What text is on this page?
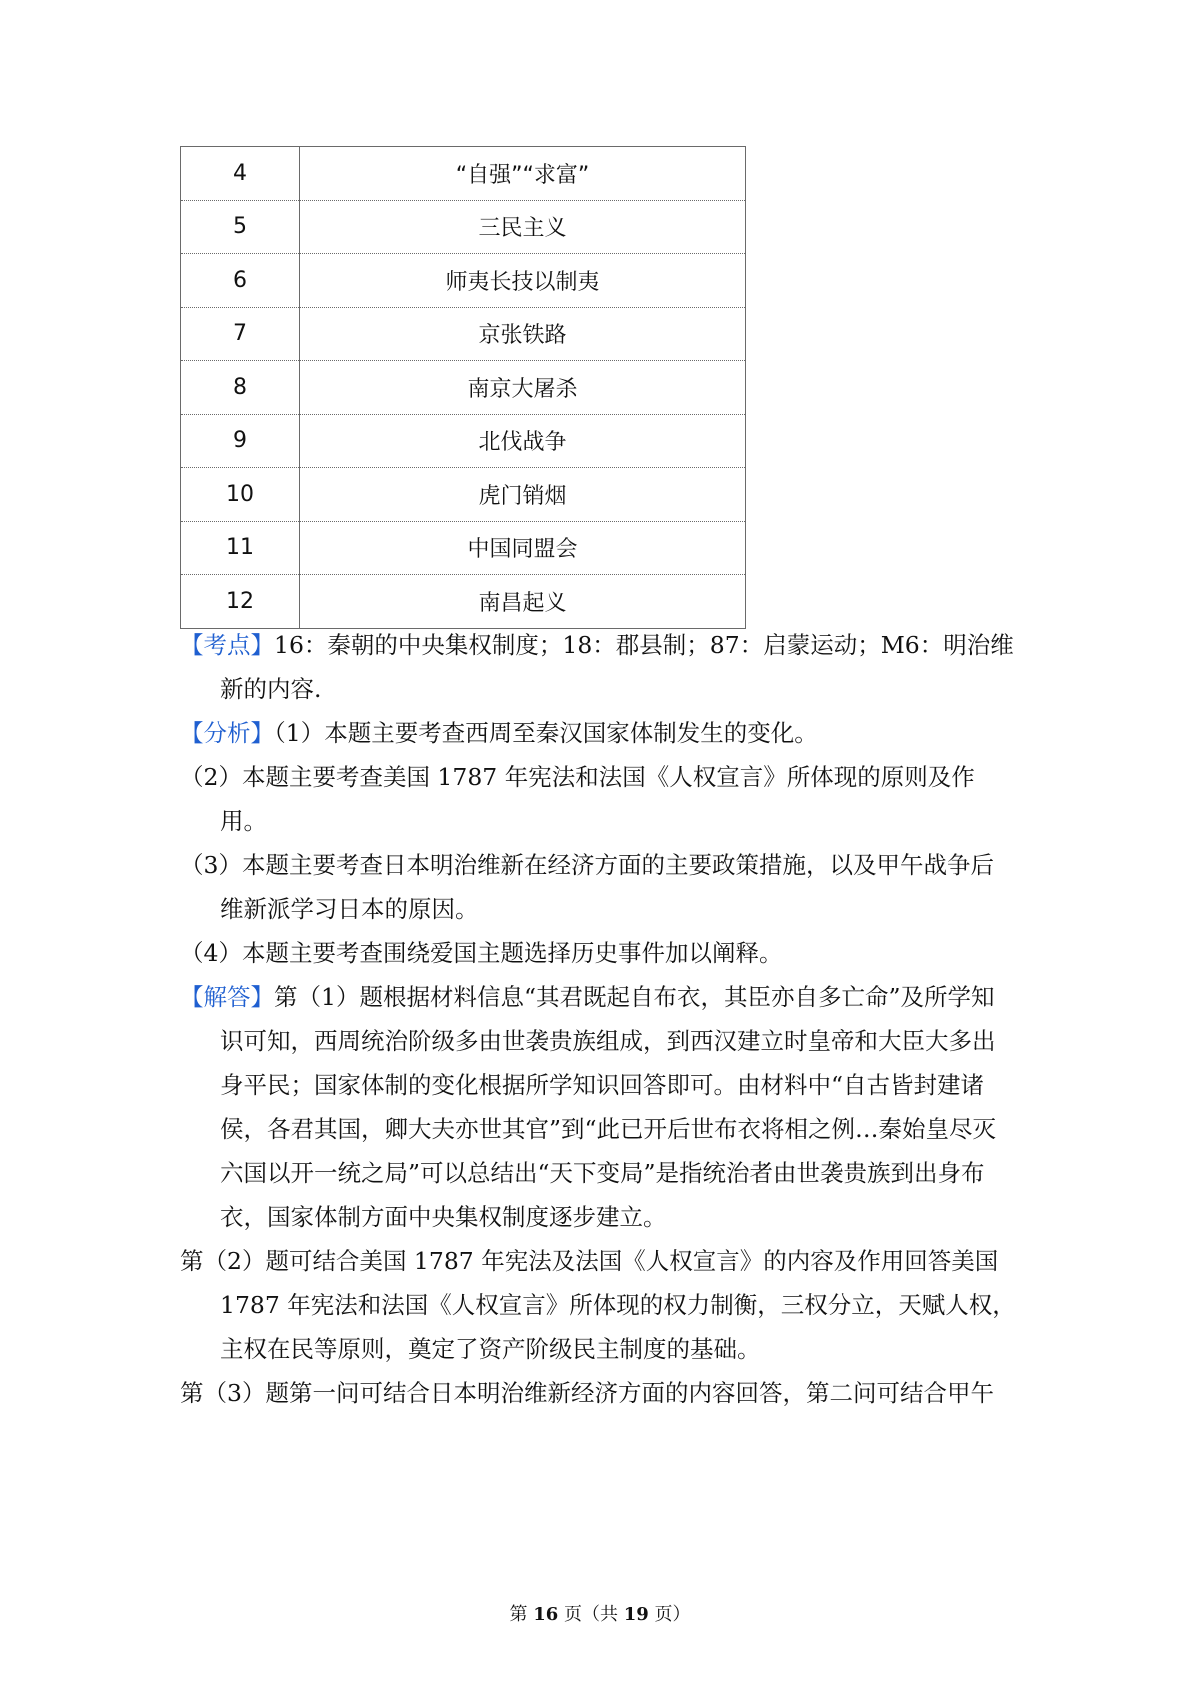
4	“自强”“求富”
5	三民主义
6	师夷长技以制夷
7	京张铁路
8	南京大屠杀
9	北伐战争
10	虎门销烟
11	中国同盟会
12	南昌起义

【考点】16：秦朝的中央集权制度；18：郡县制；87：启蒙运动；M6：明治维

新的内容.

【分析】（1）本题主要考查西周至秦汉国家体制发生的变化。

（2）本题主要考查美国 1787 年宪法和法国《人权宣言》所体现的原则及作

用。

（3）本题主要考查日本明治维新在经济方面的主要政策措施，以及甲午战争后

维新派学习日本的原因。

（4）本题主要考查围绕爱国主题选择历史事件加以阐释。

【解答】第（1）题根据材料信息“其君既起自布衣，其臣亦自多亡命”及所学知

识可知，西周统治阶级多由世袭贵族组成，到西汉建立时皇帝和大臣大多出

身平民；国家体制的变化根据所学知识回答即可。由材料中“自古皆封建诸

侯，各君其国，卿大夫亦世其官”到“此已开后世布衣将相之例…秦始皇尽灭

六国以开一统之局”可以总结出“天下变局”是指统治者由世袭贵族到出身布

衣，国家体制方面中央集权制度逐步建立。

第（2）题可结合美国 1787 年宪法及法国《人权宣言》的内容及作用回答美国

1787 年宪法和法国《人权宣言》所体现的权力制衡，三权分立，天赋人权，

主权在民等原则，奠定了资产阶级民主制度的基础。

第（3）题第一问可结合日本明治维新经济方面的内容回答，第二问可结合甲午

第 16 页（共 19 页）
